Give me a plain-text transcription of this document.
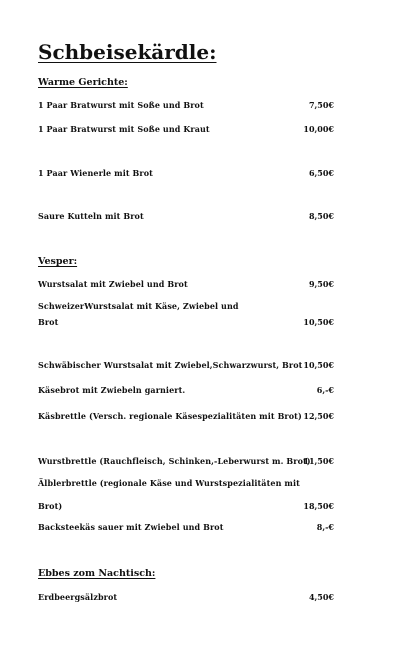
Schbeisekärdle:
Warme Gerichte:
1 Paar Bratwurst mit Soße und Brot	7,50€
1 Paar Bratwurst mit Soße und Kraut	10,00€
1 Paar Wienerle mit Brot	6,50€
Saure Kutteln mit Brot	8,50€
Vesper:
Wurstsalat mit Zwiebel und Brot	9,50€
SchweizerWurstsalat mit Käse, Zwiebel und
Brot	10,50€
Schwäbischer Wurstsalat mit Zwiebel,Schwarzwurst, Brot 10,50€
Käsebrot mit Zwiebeln garniert.	6,-€
Käsbrettle (Versch. regionale Käsespezialitäten mit Brot) 12,50€
Wurstbrettle (Rauchfleisch, Schinken,-Leberwurst m. Brot)
11,50€
Älblerbrettle (regionale Käse und Wurstspezialitäten mit
Brot)	18,50€
Backsteekäs sauer mit Zwiebel und Brot	8,-€
Ebbes zom Nachtisch:
Erdbeergsälzbrot	4,50€
